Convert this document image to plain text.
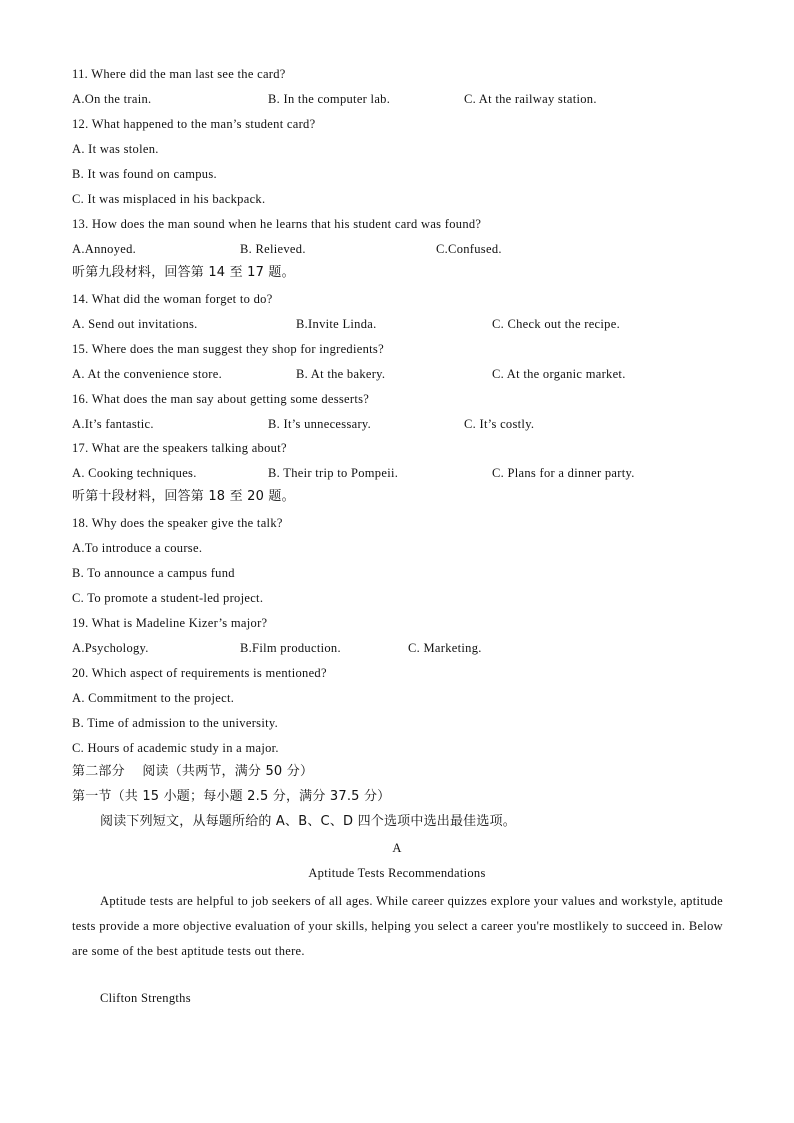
11. Where did the man last see the card?

A.On the train.

	B. In the computer lab.

	C. At the railway station.

12. What happened to the man’s student card?
A. It was stolen.
B. It was found on campus.
C. It was misplaced in his backpack.
13. How does the man sound when he learns that his student card was found?

A.Annoyed.

	B. Relieved.

	C.Confused.

听第九段材料，回答第 14 至 17 题。
14. What did the woman forget to do?

A. Send out invitations.

	B.Invite Linda.

	C. Check out the recipe.

15. Where does the man suggest they shop for ingredients?

A. At the convenience store.

	B. At the bakery.

	C. At the organic market.

16. What does the man say about getting some desserts?

A.It’s fantastic.

	B. It’s unnecessary.

	C. It’s costly.

17. What are the speakers talking about?

A. Cooking techniques.

	B. Their trip to Pompeii.

	C. Plans for a dinner party.

听第十段材料，回答第 18 至 20 题。
18. Why does the speaker give the talk?
A.To introduce a course.
B. To announce a campus fund
C. To promote a student-led project.
19. What is Madeline Kizer’s major?

A.Psychology.

	B.Film production.

	C. Marketing.

20. Which aspect of requirements is mentioned?
A. Commitment to the project.
B. Time of admission to the university.
C. Hours of academic study in a major.
第二部分　 阅读（共两节，满分 50 分）
第一节（共 15 小题；每小题 2.5 分，满分 37.5 分）
阅读下列短文，从每题所给的 A、B、C、D 四个选项中选出最佳选项。
A
Aptitude Tests Recommendations
Aptitude tests are helpful to job seekers of all ages. While career quizzes explore your values and workstyle, aptitude tests provide a more objective evaluation of your skills, helping you select a career you're mostlikely to succeed in. Below are some of the best aptitude tests out there.
Clifton Strengths
